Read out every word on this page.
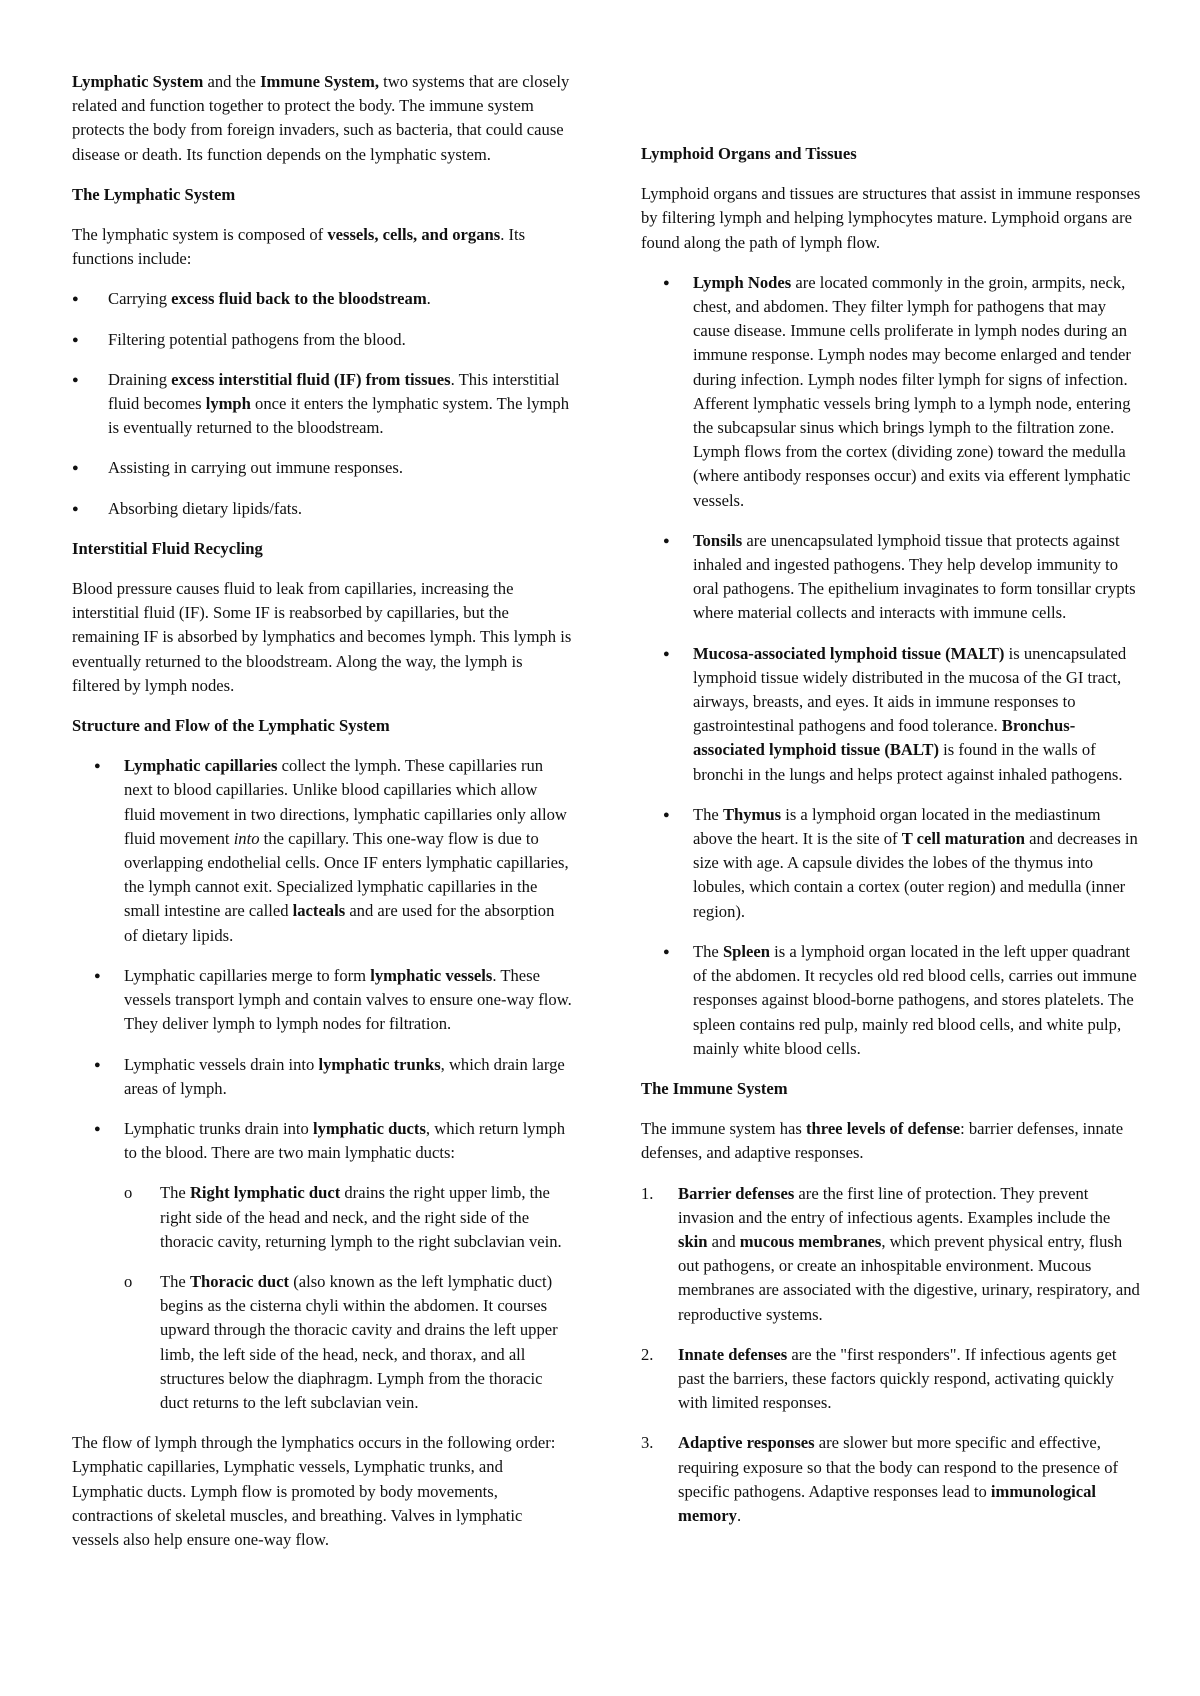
Lymphatic System and the Immune System, two systems that are closely related and function together to protect the body. The immune system protects the body from foreign invaders, such as bacteria, that could cause disease or death. Its function depends on the lymphatic system.

The Lymphatic System

The lymphatic system is composed of vessels, cells, and organs. Its functions include:

● Carrying excess fluid back to the bloodstream.
● Filtering potential pathogens from the blood.
● Draining excess interstitial fluid (IF) from tissues. This interstitial fluid becomes lymph once it enters the lymphatic system. The lymph is eventually returned to the bloodstream.
● Assisting in carrying out immune responses.
● Absorbing dietary lipids/fats.
Interstitial Fluid Recycling

Blood pressure causes fluid to leak from capillaries, increasing the interstitial fluid (IF). Some IF is reabsorbed by capillaries, but the remaining IF is absorbed by lymphatics and becomes lymph. This lymph is eventually returned to the bloodstream. Along the way, the lymph is filtered by lymph nodes.

Structure and Flow of the Lymphatic System
● Lymphatic capillaries collect the lymph. These capillaries run next to blood capillaries. Unlike blood capillaries which allow fluid movement in two directions, lymphatic capillaries only allow fluid movement into the capillary. This one-way flow is due to overlapping endothelial cells. Once IF enters lymphatic capillaries, the lymph cannot exit. Specialized lymphatic capillaries in the small intestine are called lacteals and are used for the absorption of dietary lipids.
● Lymphatic capillaries merge to form lymphatic vessels. These vessels transport lymph and contain valves to ensure one-way flow. They deliver lymph to lymph nodes for filtration.
● Lymphatic vessels drain into lymphatic trunks, which drain large areas of lymph.
● Lymphatic trunks drain into lymphatic ducts, which return lymph to the blood. There are two main lymphatic ducts:
o The Right lymphatic duct drains the right upper limb, the right side of the head and neck, and the right side of the thoracic cavity, returning lymph to the right subclavian vein.
o The Thoracic duct (also known as the left lymphatic duct) begins as the cisterna chyli within the abdomen. It courses upward through the thoracic cavity and drains the left upper limb, the left side of the head, neck, and thorax, and all structures below the diaphragm. Lymph from the thoracic duct returns to the left subclavian vein.

The flow of lymph through the lymphatics occurs in the following order: Lymphatic capillaries, Lymphatic vessels, Lymphatic trunks, and Lymphatic ducts. Lymph flow is promoted by body movements, contractions of skeletal muscles, and breathing. Valves in lymphatic vessels also help ensure one-way flow.

Lymphoid Organs and Tissues

Lymphoid organs and tissues are structures that assist in immune responses by filtering lymph and helping lymphocytes mature. Lymphoid organs are found along the path of lymph flow.

● Lymph Nodes are located commonly in the groin, armpits, neck, chest, and abdomen. They filter lymph for pathogens that may cause disease. Immune cells proliferate in lymph nodes during an immune response. Lymph nodes may become enlarged and tender during infection. Lymph nodes filter lymph for signs of infection. Afferent lymphatic vessels bring lymph to a lymph node, entering the subcapsular sinus which brings lymph to the filtration zone. Lymph flows from the cortex (dividing zone) toward the medulla (where antibody responses occur) and exits via efferent lymphatic vessels.
● Tonsils are unencapsulated lymphoid tissue that protects against inhaled and ingested pathogens. They help develop immunity to oral pathogens. The epithelium invaginates to form tonsillar crypts where material collects and interacts with immune cells.
● Mucosa-associated lymphoid tissue (MALT) is unencapsulated lymphoid tissue widely distributed in the mucosa of the GI tract, airways, breasts, and eyes. It aids in immune responses to gastrointestinal pathogens and food tolerance. Bronchus-associated lymphoid tissue (BALT) is found in the walls of bronchi in the lungs and helps protect against inhaled pathogens.
● The Thymus is a lymphoid organ located in the mediastinum above the heart. It is the site of T cell maturation and decreases in size with age. A capsule divides the lobes of the thymus into lobules, which contain a cortex (outer region) and medulla (inner region).
● The Spleen is a lymphoid organ located in the left upper quadrant of the abdomen. It recycles old red blood cells, carries out immune responses against blood-borne pathogens, and stores platelets. The spleen contains red pulp, mainly red blood cells, and white pulp, mainly white blood cells.
The Immune System

The immune system has three levels of defense: barrier defenses, innate defenses, and adaptive responses.

1. Barrier defenses are the first line of protection. They prevent invasion and the entry of infectious agents. Examples include the skin and mucous membranes, which prevent physical entry, flush out pathogens, or create an inhospitable environment. Mucous membranes are associated with the digestive, urinary, respiratory, and reproductive systems.
2. Innate defenses are the "first responders". If infectious agents get past the barriers, these factors quickly respond, activating quickly with limited responses.
3. Adaptive responses are slower but more specific and effective, requiring exposure so that the body can respond to the presence of specific pathogens. Adaptive responses lead to immunological memory.
